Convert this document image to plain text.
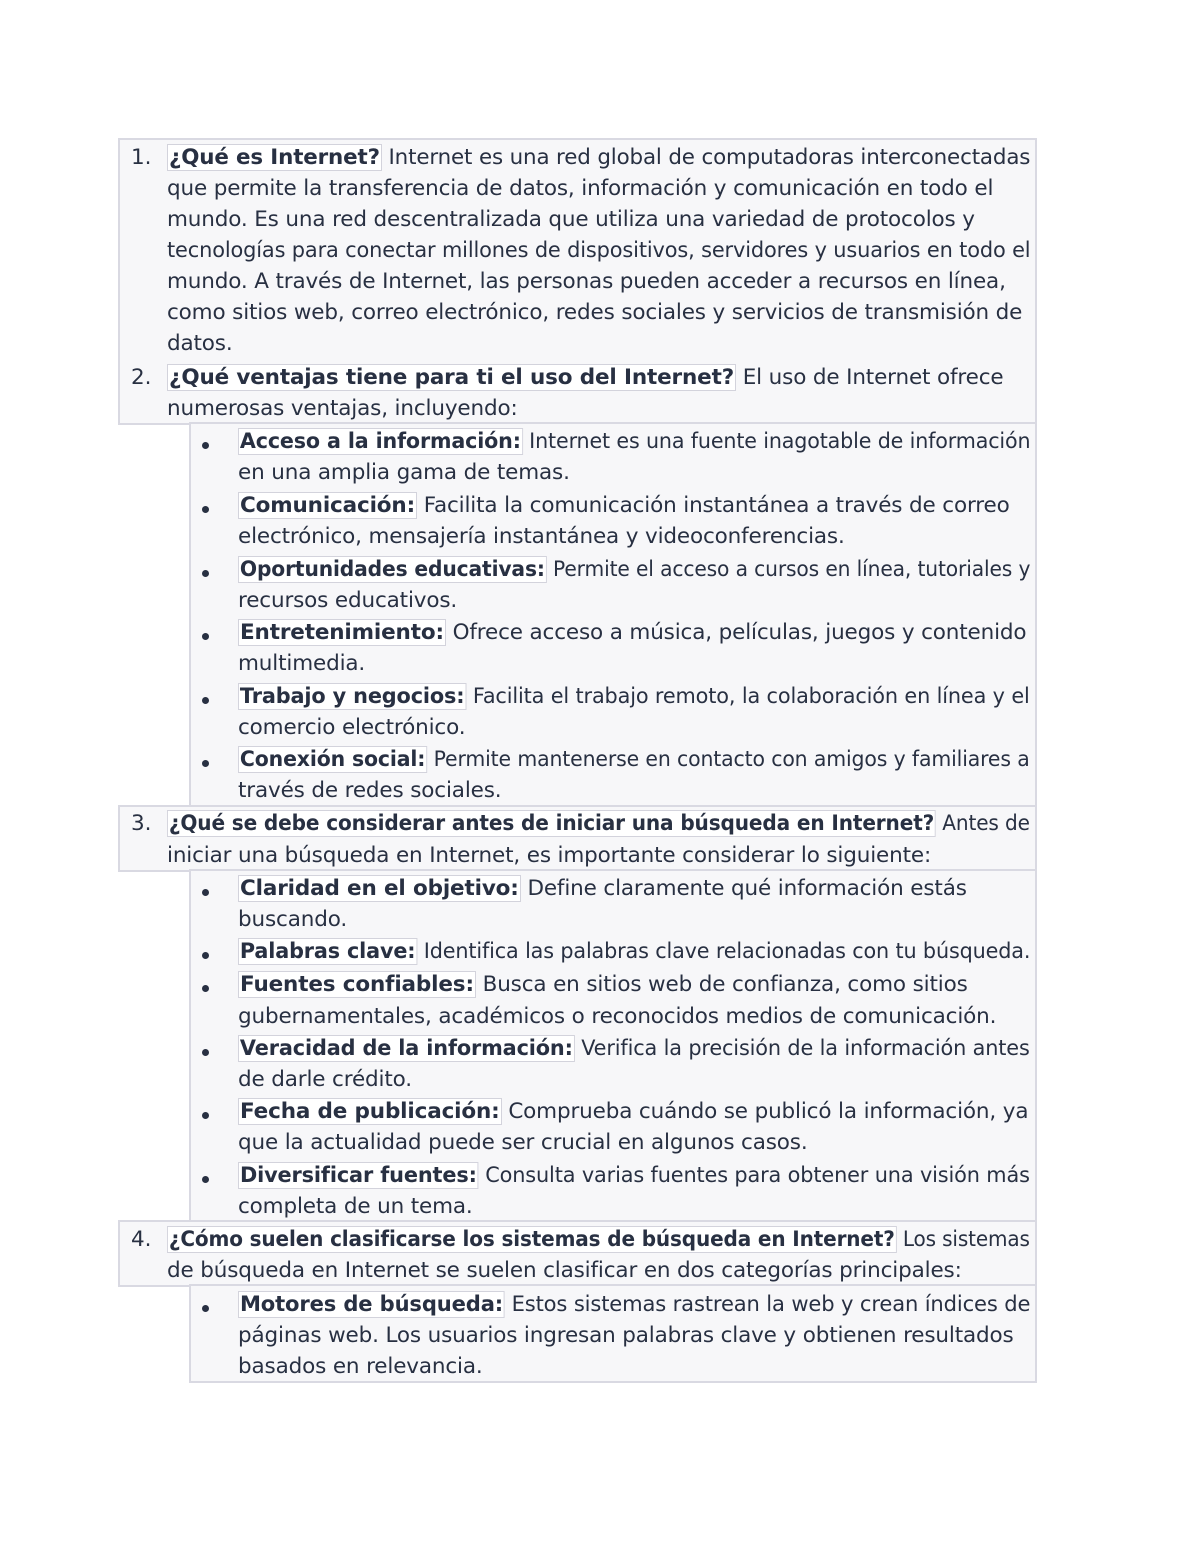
1. ¿Qué es Internet? Internet es una red global de computadoras interconectadas
que permite la transferencia de datos, información y comunicación en todo el
mundo. Es una red descentralizada que utiliza una variedad de protocolos y
tecnologías para conectar millones de dispositivos, servidores y usuarios en todo el
mundo. A través de Internet, las personas pueden acceder a recursos en línea,
como sitios web, correo electrónico, redes sociales y servicios de transmisión de
datos.
2. ¿Qué ventajas tiene para ti el uso del Internet? El uso de Internet ofrece
numerosas ventajas, incluyendo:
Acceso a la información: Internet es una fuente inagotable de información
en una amplia gama de temas.
Comunicación: Facilita la comunicación instantánea a través de correo
electrónico, mensajería instantánea y videoconferencias.
Oportunidades educativas: Permite el acceso a cursos en línea, tutoriales y
recursos educativos.
Entretenimiento: Ofrece acceso a música, películas, juegos y contenido
multimedia.
Trabajo y negocios: Facilita el trabajo remoto, la colaboración en línea y el
comercio electrónico.
Conexión social: Permite mantenerse en contacto con amigos y familiares a
través de redes sociales.
3. ¿Qué se debe considerar antes de iniciar una búsqueda en Internet? Antes de
iniciar una búsqueda en Internet, es importante considerar lo siguiente:
Claridad en el objetivo: Define claramente qué información estás
buscando.
Palabras clave: Identifica las palabras clave relacionadas con tu búsqueda.
Fuentes confiables: Busca en sitios web de confianza, como sitios
gubernamentales, académicos o reconocidos medios de comunicación.
Veracidad de la información: Verifica la precisión de la información antes
de darle crédito.
Fecha de publicación: Comprueba cuándo se publicó la información, ya
que la actualidad puede ser crucial en algunos casos.
Diversificar fuentes: Consulta varias fuentes para obtener una visión más
completa de un tema.
4. ¿Cómo suelen clasificarse los sistemas de búsqueda en Internet? Los sistemas
de búsqueda en Internet se suelen clasificar en dos categorías principales:
Motores de búsqueda: Estos sistemas rastrean la web y crean índices de
páginas web. Los usuarios ingresan palabras clave y obtienen resultados
basados en relevancia.
